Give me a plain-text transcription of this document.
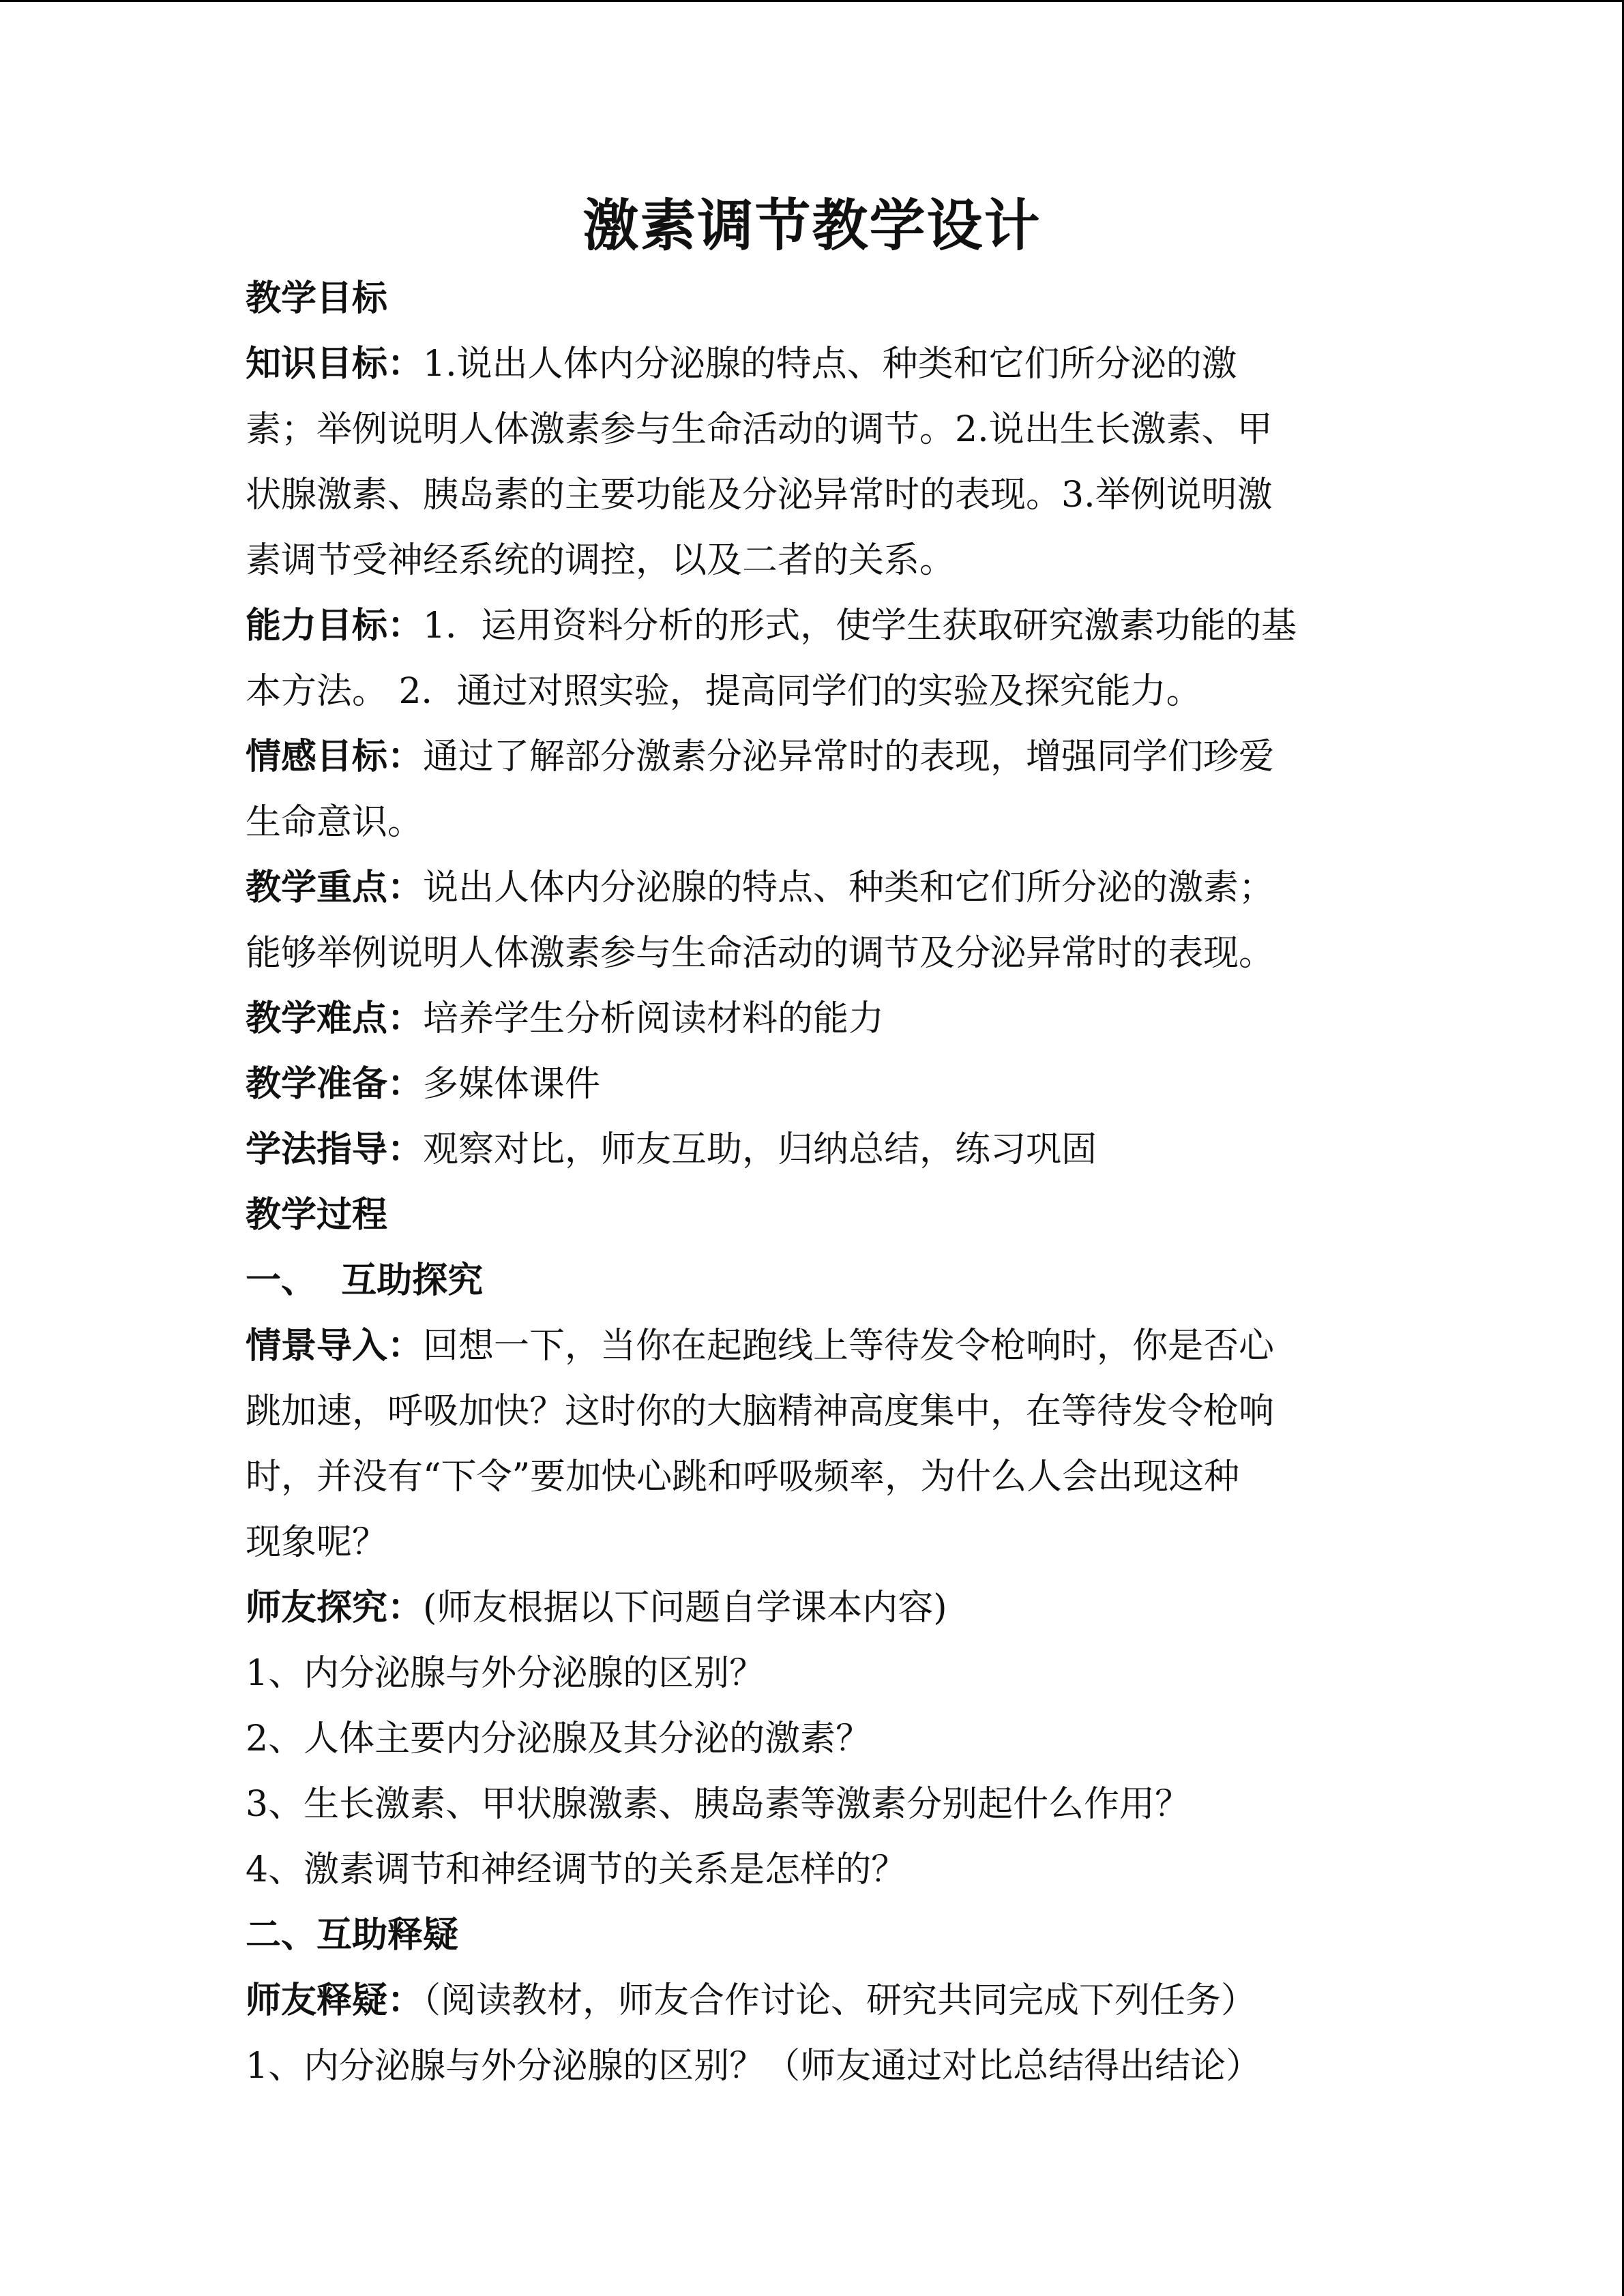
激素调节教学设计

教学目标

知识目标：1.说出人体内分泌腺的特点、种类和它们所分泌的激

素；举例说明人体激素参与生命活动的调节。2.说出生长激素、甲

状腺激素、胰岛素的主要功能及分泌异常时的表现。3.举例说明激

素调节受神经系统的调控，以及二者的关系。

能力目标：1．运用资料分析的形式，使学生获取研究激素功能的基

本方法。 2．通过对照实验，提高同学们的实验及探究能力。

情感目标：通过了解部分激素分泌异常时的表现，增强同学们珍爱

生命意识。

教学重点：说出人体内分泌腺的特点、种类和它们所分泌的激素；

能够举例说明人体激素参与生命活动的调节及分泌异常时的表现。

教学难点：培养学生分析阅读材料的能力

教学准备：多媒体课件

学法指导：观察对比，师友互助，归纳总结，练习巩固

教学过程

一、  互助探究

情景导入：回想一下，当你在起跑线上等待发令枪响时，你是否心

跳加速，呼吸加快？这时你的大脑精神高度集中，在等待发令枪响

时，并没有“下令”要加快心跳和呼吸频率，为什么人会出现这种

现象呢？

师友探究：(师友根据以下问题自学课本内容)

1、内分泌腺与外分泌腺的区别？

2、人体主要内分泌腺及其分泌的激素？

3、生长激素、甲状腺激素、胰岛素等激素分别起什么作用？

4、激素调节和神经调节的关系是怎样的？

二、互助释疑

师友释疑：（阅读教材，师友合作讨论、研究共同完成下列任务）

1、内分泌腺与外分泌腺的区别？（师友通过对比总结得出结论）
